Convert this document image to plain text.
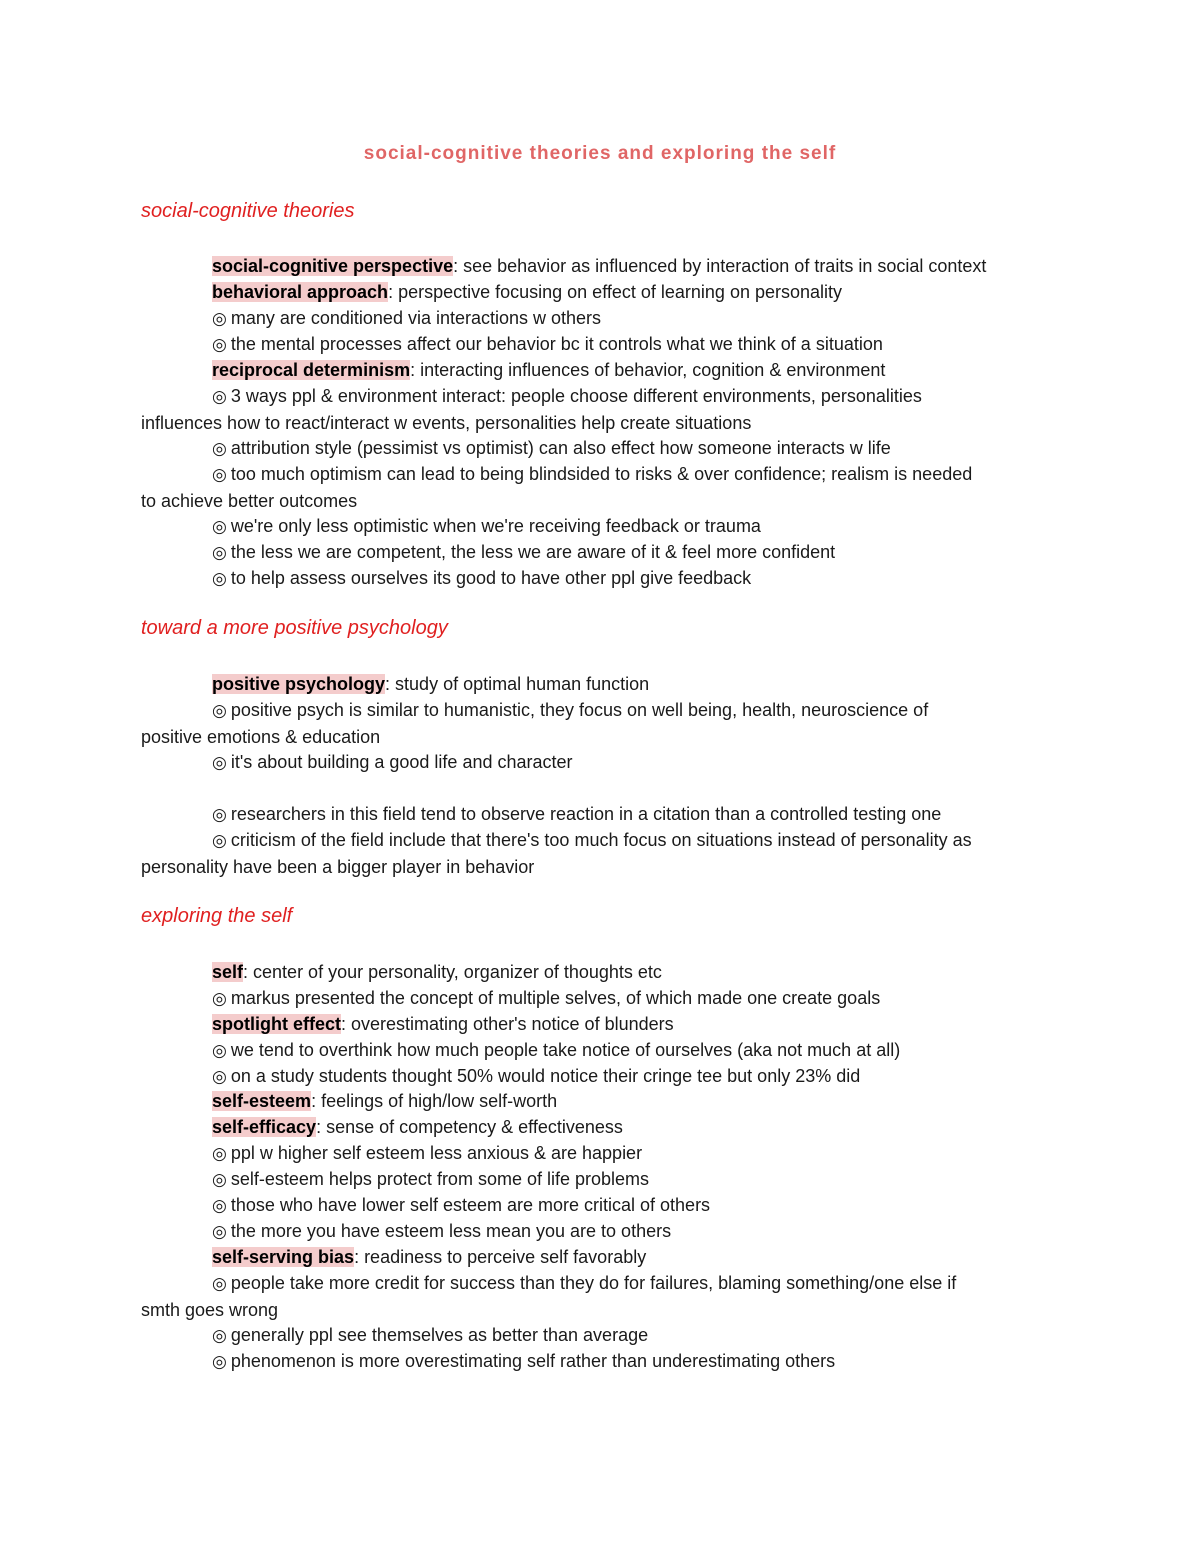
social-cognitive theories and exploring the self
social-cognitive theories

social-cognitive perspective: see behavior as influenced by interaction of traits in social context

behavioral approach: perspective focusing on effect of learning on personality

◎ many are conditioned via interactions w others

◎ the mental processes affect our behavior bc it controls what we think of a situation

reciprocal determinism: interacting influences of behavior, cognition & environment

◎ 3 ways ppl & environment interact: people choose different environments, personalities
influences how to react/interact w events, personalities help create situations

◎ attribution style (pessimist vs optimist) can also effect how someone interacts w life

◎ too much optimism can lead to being blindsided to risks & over confidence; realism is needed
to achieve better outcomes

◎ we're only less optimistic when we're receiving feedback or trauma

◎ the less we are competent, the less we are aware of it & feel more confident

◎ to help assess ourselves its good to have other ppl give feedback

toward a more positive psychology

positive psychology: study of optimal human function

◎ positive psych is similar to humanistic, they focus on well being, health, neuroscience of
positive emotions & education

◎ it's about building a good life and character

◎ researchers in this field tend to observe reaction in a citation than a controlled testing one

◎ criticism of the field include that there's too much focus on situations instead of personality as
personality have been a bigger player in behavior

exploring the self

self: center of your personality, organizer of thoughts etc

◎ markus presented the concept of multiple selves, of which made one create goals

spotlight effect: overestimating other's notice of blunders

◎ we tend to overthink how much people take notice of ourselves (aka not much at all)

◎ on a study students thought 50% would notice their cringe tee but only 23% did

self-esteem: feelings of high/low self-worth

self-efficacy: sense of competency & effectiveness

◎ ppl w higher self esteem less anxious & are happier

◎ self-esteem helps protect from some of life problems

◎ those who have lower self esteem are more critical of others

◎ the more you have esteem less mean you are to others

self-serving bias: readiness to perceive self favorably

◎ people take more credit for success than they do for failures, blaming something/one else if
smth goes wrong

◎ generally ppl see themselves as better than average

◎ phenomenon is more overestimating self rather than underestimating others
